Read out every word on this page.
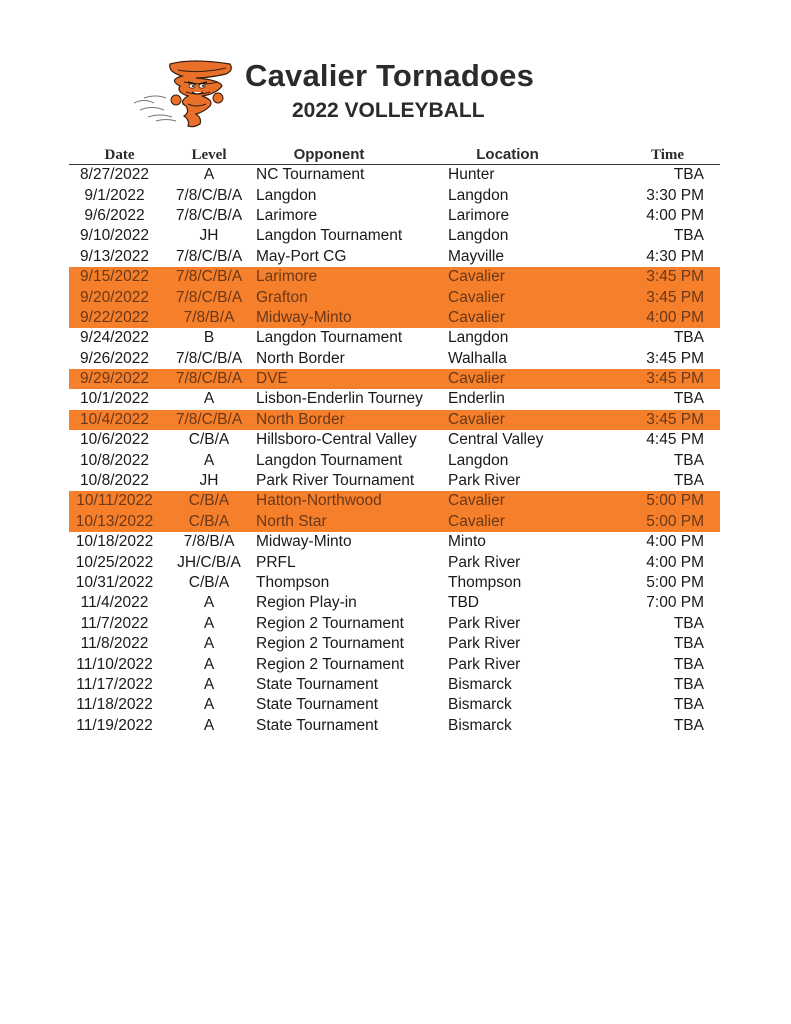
Cavalier Tornadoes
2022 VOLLEYBALL
Date	Level	Opponent	Location	Time
8/27/2022	A	NC Tournament	Hunter	TBA
9/1/2022	7/8/C/B/A	Langdon	Langdon	3:30 PM
9/6/2022	7/8/C/B/A	Larimore	Larimore	4:00 PM
9/10/2022	JH	Langdon Tournament	Langdon	TBA
9/13/2022	7/8/C/B/A	May-Port CG	Mayville	4:30 PM
9/15/2022	7/8/C/B/A	Larimore	Cavalier	3:45 PM
9/20/2022	7/8/C/B/A	Grafton	Cavalier	3:45 PM
9/22/2022	7/8/B/A	Midway-Minto	Cavalier	4:00 PM
9/24/2022	B	Langdon Tournament	Langdon	TBA
9/26/2022	7/8/C/B/A	North Border	Walhalla	3:45 PM
9/29/2022	7/8/C/B/A	DVE	Cavalier	3:45 PM
10/1/2022	A	Lisbon-Enderlin Tourney	Enderlin	TBA
10/4/2022	7/8/C/B/A	North Border	Cavalier	3:45 PM
10/6/2022	C/B/A	Hillsboro-Central Valley	Central Valley	4:45 PM
10/8/2022	A	Langdon Tournament	Langdon	TBA
10/8/2022	JH	Park River Tournament	Park River	TBA
10/11/2022	C/B/A	Hatton-Northwood	Cavalier	5:00 PM
10/13/2022	C/B/A	North Star	Cavalier	5:00 PM
10/18/2022	7/8/B/A	Midway-Minto	Minto	4:00 PM
10/25/2022	JH/C/B/A	PRFL	Park River	4:00 PM
10/31/2022	C/B/A	Thompson	Thompson	5:00 PM
11/4/2022	A	Region Play-in	TBD	7:00 PM
11/7/2022	A	Region 2 Tournament	Park River	TBA
11/8/2022	A	Region 2 Tournament	Park River	TBA
11/10/2022	A	Region 2 Tournament	Park River	TBA
11/17/2022	A	State Tournament	Bismarck	TBA
11/18/2022	A	State Tournament	Bismarck	TBA
11/19/2022	A	State Tournament	Bismarck	TBA
